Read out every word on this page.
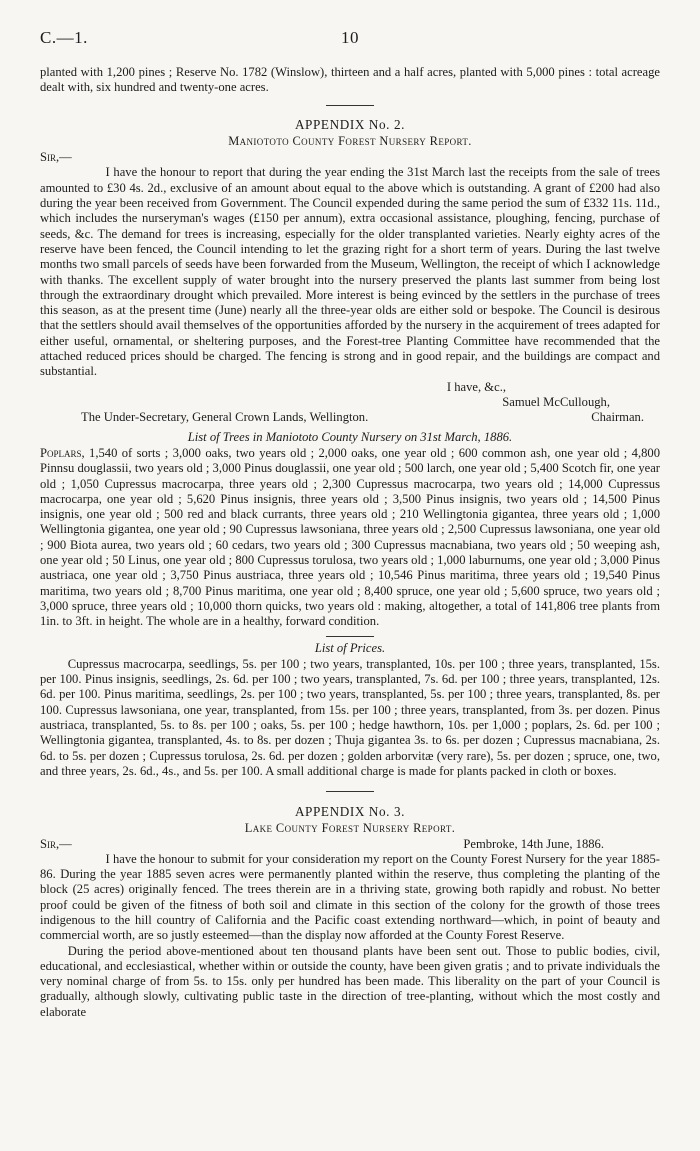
C.—1.	10

planted with 1,200 pines ; Reserve No. 1782 (Winslow), thirteen and a half acres, planted with 5,000 pines : total acreage dealt with, six hundred and twenty-one acres.

APPENDIX No. 2.
Maniototo County Forest Nursery Report.
Sir,—

I have the honour to report that during the year ending the 31st March last the receipts from the sale of trees amounted to £30 4s. 2d., exclusive of an amount about equal to the above which is outstanding. A grant of £200 had also during the year been received from Government. The Council expended during the same period the sum of £332 11s. 11d., which includes the nurseryman's wages (£150 per annum), extra occasional assistance, ploughing, fencing, purchase of seeds, &c. The demand for trees is increasing, especially for the older transplanted varieties. Nearly eighty acres of the reserve have been fenced, the Council intending to let the grazing right for a short term of years. During the last twelve months two small parcels of seeds have been forwarded from the Museum, Wellington, the receipt of which I acknowledge with thanks. The excellent supply of water brought into the nursery preserved the plants last summer from being lost through the extraordinary drought which prevailed. More interest is being evinced by the settlers in the purchase of trees this season, as at the present time (June) nearly all the three-year olds are either sold or bespoke. The Council is desirous that the settlers should avail themselves of the opportunities afforded by the nursery in the acquirement of trees adapted for either useful, ornamental, or sheltering purposes, and the Forest-tree Planting Committee have recommended that the attached reduced prices should be charged. The fencing is strong and in good repair, and the buildings are compact and substantial.

I have, &c.,
Samuel McCullough,
The Under-Secretary, General Crown Lands, Wellington.	Chairman.
List of Trees in Maniototo County Nursery on 31st March, 1886.

Poplars, 1,540 of sorts ; 3,000 oaks, two years old ; 2,000 oaks, one year old ; 600 common ash, one year old ; 4,800 Pinnsu douglassii, two years old ; 3,000 Pinus douglassii, one year old ; 500 larch, one year old ; 5,400 Scotch fir, one year old ; 1,050 Cupressus macrocarpa, three years old ; 2,300 Cupressus macrocarpa, two years old ; 14,000 Cupressus macrocarpa, one year old ; 5,620 Pinus insignis, three years old ; 3,500 Pinus insignis, two years old ; 14,500 Pinus insignis, one year old ; 500 red and black currants, three years old ; 210 Wellingtonia gigantea, three years old ; 1,000 Wellingtonia gigantea, one year old ; 90 Cupressus lawsoniana, three years old ; 2,500 Cupressus lawsoniana, one year old ; 900 Biota aurea, two years old ; 60 cedars, two years old ; 300 Cupressus macnabiana, two years old ; 50 weeping ash, one year old ; 50 Linus, one year old ; 800 Cupressus torulosa, two years old ; 1,000 laburnums, one year old ; 3,000 Pinus austriaca, one year old ; 3,750 Pinus austriaca, three years old ; 10,546 Pinus maritima, three years old ; 19,540 Pinus maritima, two years old ; 8,700 Pinus maritima, one year old ; 8,400 spruce, one year old ; 5,600 spruce, two years old ; 3,000 spruce, three years old ; 10,000 thorn quicks, two years old : making, altogether, a total of 141,806 tree plants from 1in. to 3ft. in height. The whole are in a healthy, forward condition.

List of Prices.

Cupressus macrocarpa, seedlings, 5s. per 100 ; two years, transplanted, 10s. per 100 ; three years, transplanted, 15s. per 100. Pinus insignis, seedlings, 2s. 6d. per 100 ; two years, transplanted, 7s. 6d. per 100 ; three years, transplanted, 12s. 6d. per 100. Pinus maritima, seedlings, 2s. per 100 ; two years, transplanted, 5s. per 100 ; three years, transplanted, 8s. per 100. Cupressus lawsoniana, one year, transplanted, from 15s. per 100 ; three years, transplanted, from 3s. per dozen. Pinus austriaca, transplanted, 5s. to 8s. per 100 ; oaks, 5s. per 100 ; hedge hawthorn, 10s. per 1,000 ; poplars, 2s. 6d. per 100 ; Wellingtonia gigantea, transplanted, 4s. to 8s. per dozen ; Thuja gigantea 3s. to 6s. per dozen ; Cupressus macnabiana, 2s. 6d. to 5s. per dozen ; Cupressus torulosa, 2s. 6d. per dozen ; golden arborvitæ (very rare), 5s. per dozen ; spruce, one, two, and three years, 2s. 6d., 4s., and 5s. per 100. A small additional charge is made for plants packed in cloth or boxes.

APPENDIX No. 3.
Lake County Forest Nursery Report.
Sir,—	Pembroke, 14th June, 1886.

I have the honour to submit for your consideration my report on the County Forest Nursery for the year 1885-86. During the year 1885 seven acres were permanently planted within the reserve, thus completing the planting of the block (25 acres) originally fenced. The trees therein are in a thriving state, growing both rapidly and robust. No better proof could be given of the fitness of both soil and climate in this section of the colony for the growth of those trees indigenous to the hill country of California and the Pacific coast extending northward—which, in point of beauty and commercial worth, are so justly esteemed—than the display now afforded at the County Forest Reserve.

During the period above-mentioned about ten thousand plants have been sent out. Those to public bodies, civil, educational, and ecclesiastical, whether within or outside the county, have been given gratis ; and to private individuals the very nominal charge of from 5s. to 15s. only per hundred has been made. This liberality on the part of your Council is gradually, although slowly, cultivating public taste in the direction of tree-planting, without which the most costly and elaborate
